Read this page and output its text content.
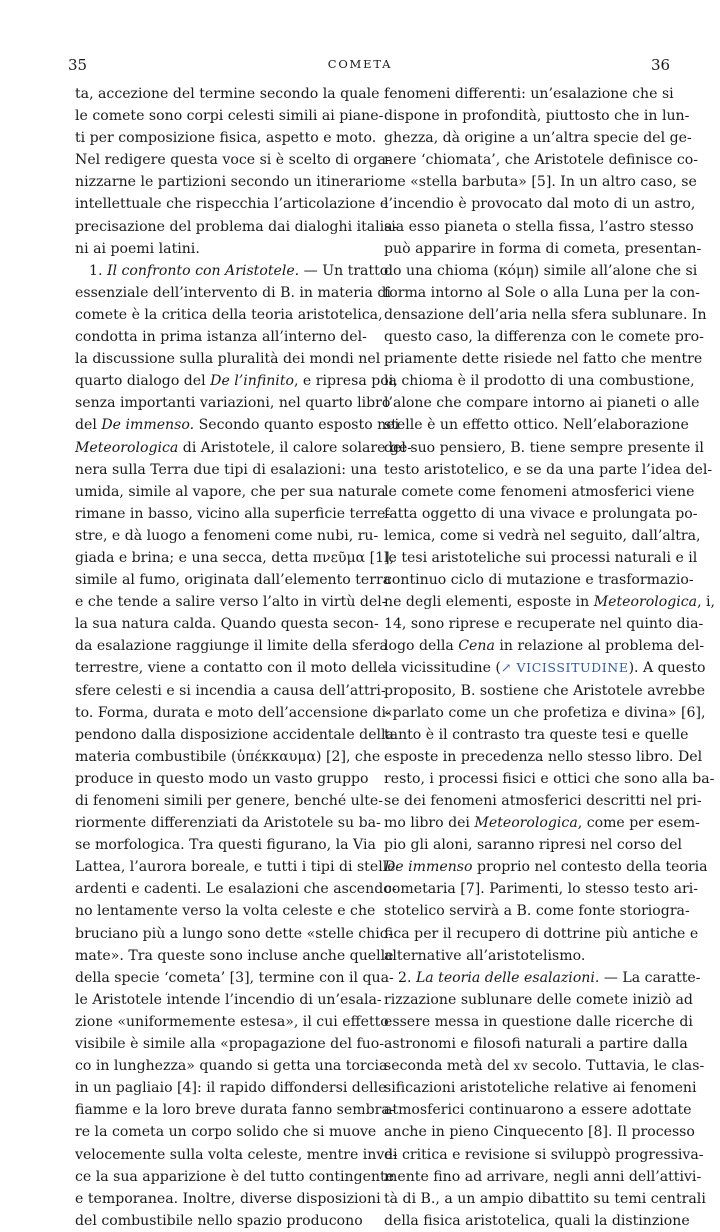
35	COMETA	36
ta, accezione del termine secondo la quale
le comete sono corpi celesti simili ai piane-
ti per composizione fisica, aspetto e moto.
Nel redigere questa voce si è scelto di orga-
nizzarne le partizioni secondo un itinerario
intellettuale che rispecchia l’articolazione e
precisazione del problema dai dialoghi italia-
ni ai poemi latini.
1. Il confronto con Aristotele. — Un tratto
essenziale dell’intervento di B. in materia di
comete è la critica della teoria aristotelica,
condotta in prima istanza all’interno del-
la discussione sulla pluralità dei mondi nel
quarto dialogo del De l’infinito, e ripresa poi,
senza importanti variazioni, nel quarto libro
del De immenso. Secondo quanto esposto nei
Meteorologica di Aristotele, il calore solare ge-
nera sulla Terra due tipi di esalazioni: una
umida, simile al vapore, che per sua natura
rimane in basso, vicino alla superficie terre-
stre, e dà luogo a fenomeni come nubi, ru-
giada e brina; e una secca, detta πνεῦμα [1],
simile al fumo, originata dall’elemento terra
e che tende a salire verso l’alto in virtù del-
la sua natura calda. Quando questa secon-
da esalazione raggiunge il limite della sfera
terrestre, viene a contatto con il moto delle
sfere celesti e si incendia a causa dell’attri-
to. Forma, durata e moto dell’accensione di-
pendono dalla disposizione accidentale della
materia combustibile (ὑπέκκαυμα) [2], che
produce in questo modo un vasto gruppo
di fenomeni simili per genere, benché ulte-
riormente differenziati da Aristotele su ba-
se morfologica. Tra questi figurano, la Via
Lattea, l’aurora boreale, e tutti i tipi di stelle
ardenti e cadenti. Le esalazioni che ascendo-
no lentamente verso la volta celeste e che
bruciano più a lungo sono dette «stelle chio-
mate». Tra queste sono incluse anche quelle
della specie ‘cometa’ [3], termine con il qua-
le Aristotele intende l’incendio di un’esala-
zione «uniformemente estesa», il cui effetto
visibile è simile alla «propagazione del fuo-
co in lunghezza» quando si getta una torcia
in un pagliaio [4]: il rapido diffondersi delle
fiamme e la loro breve durata fanno sembra-
re la cometa un corpo solido che si muove
velocemente sulla volta celeste, mentre inve-
ce la sua apparizione è del tutto contingente
e temporanea. Inoltre, diverse disposizioni
del combustibile nello spazio producono
fenomeni differenti: un’esalazione che si
dispone in profondità, piuttosto che in lun-
ghezza, dà origine a un’altra specie del ge-
nere ‘chiomata’, che Aristotele definisce co-
me «stella barbuta» [5]. In un altro caso, se
l’incendio è provocato dal moto di un astro,
sia esso pianeta o stella fissa, l’astro stesso
può apparire in forma di cometa, presentan-
do una chioma (κόμη) simile all’alone che si
forma intorno al Sole o alla Luna per la con-
densazione dell’aria nella sfera sublunare. In
questo caso, la differenza con le comete pro-
priamente dette risiede nel fatto che mentre
la chioma è il prodotto di una combustione,
l’alone che compare intorno ai pianeti o alle
stelle è un effetto ottico. Nell’elaborazione
del suo pensiero, B. tiene sempre presente il
testo aristotelico, e se da una parte l’idea del-
le comete come fenomeni atmosferici viene
fatta oggetto di una vivace e prolungata po-
lemica, come si vedrà nel seguito, dall’altra,
le tesi aristoteliche sui processi naturali e il
continuo ciclo di mutazione e trasformazio-
ne degli elementi, esposte in Meteorologica, i,
14, sono riprese e recuperate nel quinto dia-
logo della Cena in relazione al problema del-
la vicissitudine (↗ VICISSITUDINE). A questo
proposito, B. sostiene che Aristotele avrebbe
«parlato come un che profetiza e divina» [6],
tanto è il contrasto tra queste tesi e quelle
esposte in precedenza nello stesso libro. Del
resto, i processi fisici e ottici che sono alla ba-
se dei fenomeni atmosferici descritti nel pri-
mo libro dei Meteorologica, come per esem-
pio gli aloni, saranno ripresi nel corso del
De immenso proprio nel contesto della teoria
cometaria [7]. Parimenti, lo stesso testo ari-
stotelico servirà a B. come fonte storiogra-
fica per il recupero di dottrine più antiche e
alternative all’aristotelismo.
2. La teoria delle esalazioni. — La caratte-
rizzazione sublunare delle comete iniziò ad
essere messa in questione dalle ricerche di
astronomi e filosofi naturali a partire dalla
seconda metà del xv secolo. Tuttavia, le clas-
sificazioni aristoteliche relative ai fenomeni
atmosferici continuarono a essere adottate
anche in pieno Cinquecento [8]. Il processo
di critica e revisione si sviluppò progressiva-
mente fino ad arrivare, negli anni dell’attivi-
tà di B., a un ampio dibattito su temi centrali
della fisica aristotelica, quali la distinzione
